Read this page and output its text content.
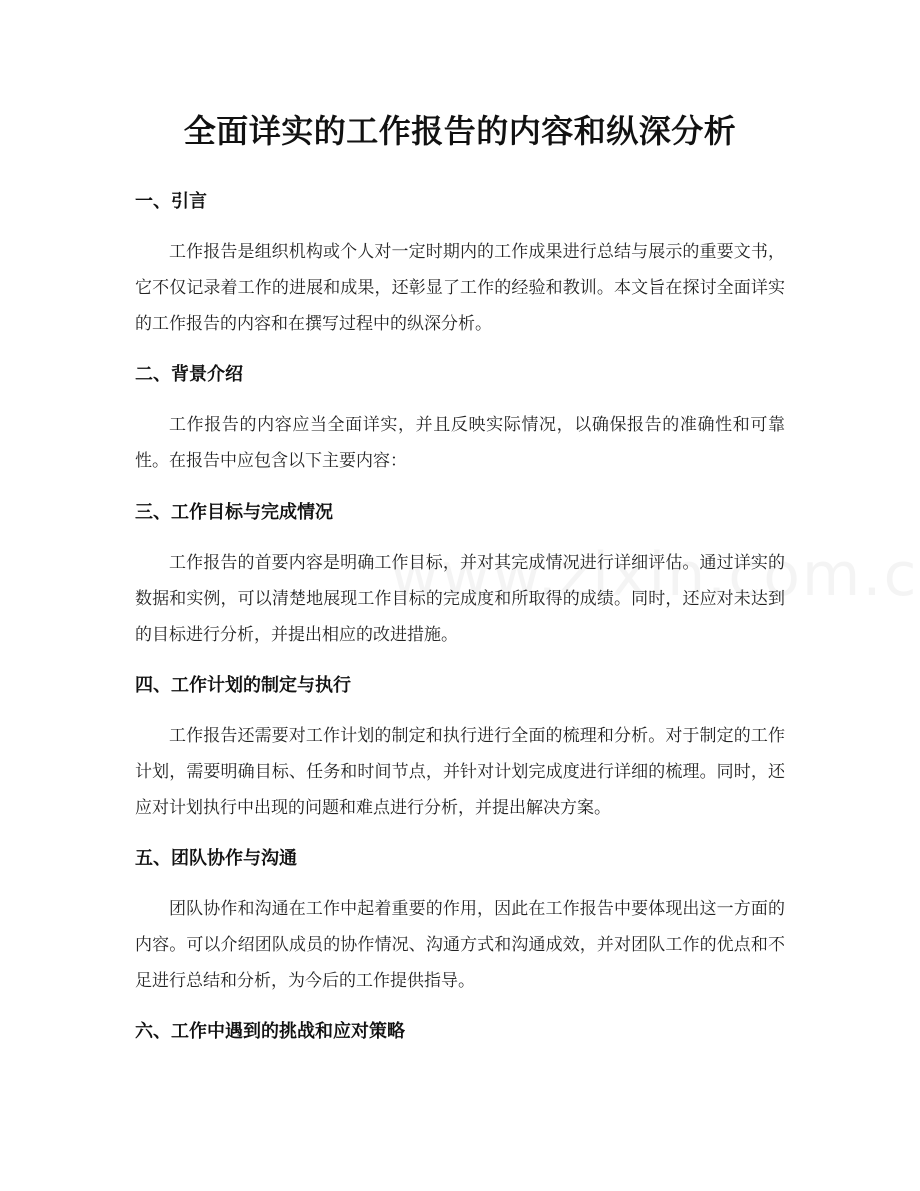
全面详实的工作报告的内容和纵深分析
一、引言

工作报告是组织机构或个人对一定时期内的工作成果进行总结与展示的重要文书，它不仅记录着工作的进展和成果，还彰显了工作的经验和教训。本文旨在探讨全面详实的工作报告的内容和在撰写过程中的纵深分析。

二、背景介绍

工作报告的内容应当全面详实，并且反映实际情况，以确保报告的准确性和可靠性。在报告中应包含以下主要内容：

三、工作目标与完成情况

工作报告的首要内容是明确工作目标，并对其完成情况进行详细评估。通过详实的数据和实例，可以清楚地展现工作目标的完成度和所取得的成绩。同时，还应对未达到的目标进行分析，并提出相应的改进措施。

四、工作计划的制定与执行

工作报告还需要对工作计划的制定和执行进行全面的梳理和分析。对于制定的工作计划，需要明确目标、任务和时间节点，并针对计划完成度进行详细的梳理。同时，还应对计划执行中出现的问题和难点进行分析，并提出解决方案。

五、团队协作与沟通

团队协作和沟通在工作中起着重要的作用，因此在工作报告中要体现出这一方面的内容。可以介绍团队成员的协作情况、沟通方式和沟通成效，并对团队工作的优点和不足进行总结和分析，为今后的工作提供指导。

六、工作中遇到的挑战和应对策略
